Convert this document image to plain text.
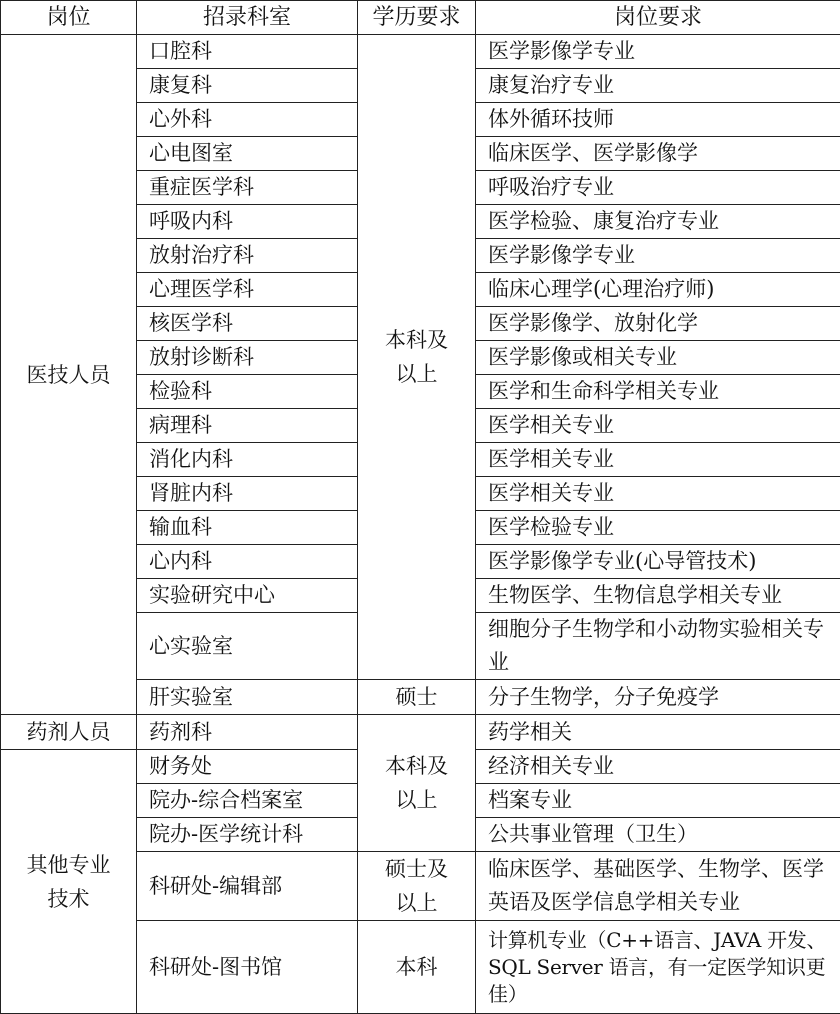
岗位	招录科室	学历要求	岗位要求
医技人员	口腔科	本科及以上	医学影像学专业
	康复科		康复治疗专业
	心外科		体外循环技师
	心电图室		临床医学、医学影像学
	重症医学科		呼吸治疗专业
	呼吸内科		医学检验、康复治疗专业
	放射治疗科		医学影像学专业
	心理医学科		临床心理学(心理治疗师)
	核医学科		医学影像学、放射化学
	放射诊断科		医学影像或相关专业
	检验科		医学和生命科学相关专业
	病理科		医学相关专业
	消化内科		医学相关专业
	肾脏内科		医学相关专业
	输血科		医学检验专业
	心内科		医学影像学专业(心导管技术)
	实验研究中心		生物医学、生物信息学相关专业
	心实验室		细胞分子生物学和小动物实验相关专业
	肝实验室	硕士	分子生物学，分子免疫学
药剂人员	药剂科	本科及以上	药学相关

其他专业技术	财务处		经济相关专业
	院办-综合档案室		档案专业
	院办-医学统计科		公共事业管理（卫生）
	科研处-编辑部	硕士及以上	临床医学、基础医学、生物学、医学英语及医学信息学相关专业
	科研处-图书馆	本科	计算机专业（C++语言、JAVA 开发、SQL Server 语言，有一定医学知识更佳）
